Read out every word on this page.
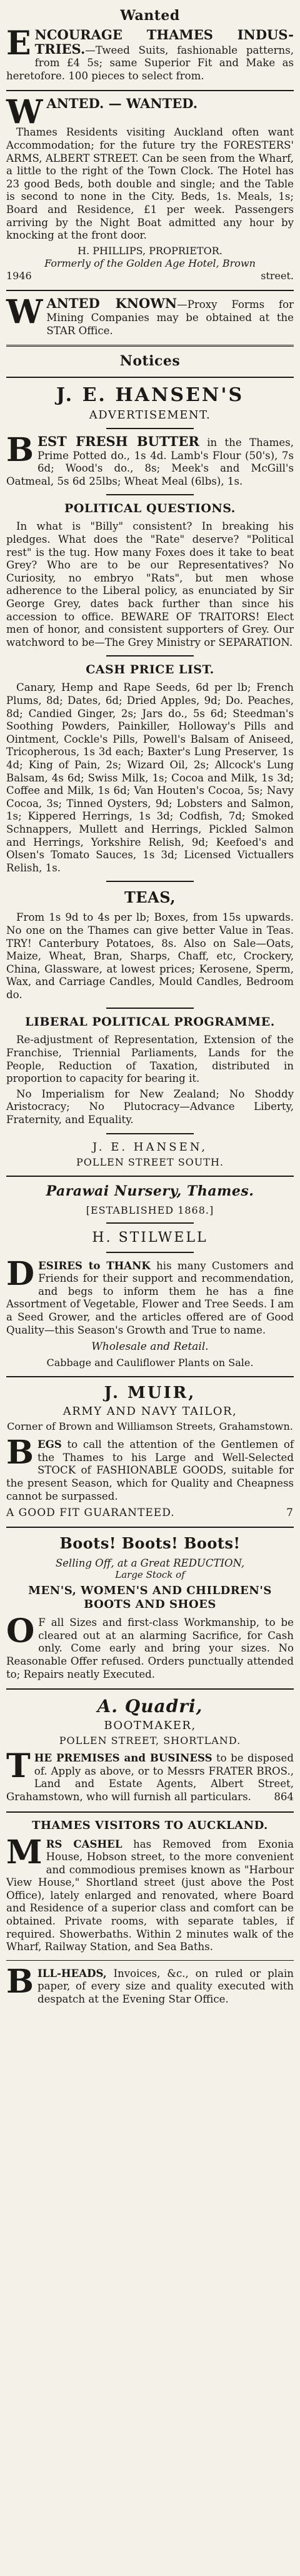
Wanted
E NCOURAGE THAMES INDUS-TRIES.—Tweed Suits, fashionable patterns, from £4 5s; same Superior Fit and Make as heretofore. 100 pieces to select from.
W ANTED. — WANTED.
Thames Residents visiting Auckland often want Accommodation; for the future try the FORESTERS' ARMS, ALBERT STREET. Can be seen from the Wharf, a little to the right of the Town Clock. The Hotel has 23 good Beds, both double and single; and the Table is second to none in the City. Beds, 1s. Meals, 1s; Board and Residence, £1 per week. Passengers arriving by the Night Boat admitted any hour by knocking at the front door.
H. PHILLIPS, PROPRIETOR.
Formerly of the Golden Age Hotel, Brown
1946	street.
W ANTED KNOWN—Proxy Forms for Mining Companies may be obtained at the STAR Office.
Notices
J. E. HANSEN'S
ADVERTISEMENT.
B EST FRESH BUTTER in the Thames, Prime Potted do., 1s 4d. Lamb's Flour (50's), 7s 6d; Wood's do., 8s; Meek's and McGill's Oatmeal, 5s 6d 25lbs; Wheat Meal (6lbs), 1s.
POLITICAL QUESTIONS.
In what is "Billy" consistent? In breaking his pledges. What does the "Rate" deserve? "Political rest" is the tug. How many Foxes does it take to beat Grey? Who are to be our Representatives? No Curiosity, no embryo "Rats", but men whose adherence to the Liberal policy, as enunciated by Sir George Grey, dates back further than since his accession to office. BEWARE OF TRAITORS! Elect men of honor, and consistent supporters of Grey. Our watchword to be—The Grey Ministry or SEPARATION.
CASH PRICE LIST.
Canary, Hemp and Rape Seeds, 6d per lb; French Plums, 8d; Dates, 6d; Dried Apples, 9d; Do. Peaches, 8d; Candied Ginger, 2s; Jars do., 5s 6d; Steedman's Soothing Powders, Painkiller, Holloway's Pills and Ointment, Cockle's Pills, Powell's Balsam of Aniseed, Tricopherous, 1s 3d each; Baxter's Lung Preserver, 1s 4d; King of Pain, 2s; Wizard Oil, 2s; Allcock's Lung Balsam, 4s 6d; Swiss Milk, 1s; Cocoa and Milk, 1s 3d; Coffee and Milk, 1s 6d; Van Houten's Cocoa, 5s; Navy Cocoa, 3s; Tinned Oysters, 9d; Lobsters and Salmon, 1s; Kippered Herrings, 1s 3d; Codfish, 7d; Smoked Schnappers, Mullett and Herrings, Pickled Salmon and Herrings, Yorkshire Relish, 9d; Keefoed's and Olsen's Tomato Sauces, 1s 3d; Licensed Victuallers Relish, 1s.
TEAS,
From 1s 9d to 4s per lb; Boxes, from 15s upwards. No one on the Thames can give better Value in Teas. TRY! Canterbury Potatoes, 8s. Also on Sale—Oats, Maize, Wheat, Bran, Sharps, Chaff, etc, Crockery, China, Glassware, at lowest prices; Kerosene, Sperm, Wax, and Carriage Candles, Mould Candles, Bedroom do.
LIBERAL POLITICAL PROGRAMME.
Re-adjustment of Representation, Extension of the Franchise, Triennial Parliaments, Lands for the People, Reduction of Taxation, distributed in proportion to capacity for bearing it.
No Imperialism for New Zealand; No Shoddy Aristocracy; No Plutocracy—Advance Liberty, Fraternity, and Equality.
J. E. HANSEN,
POLLEN STREET SOUTH.
Parawai Nursery, Thames.
[ESTABLISHED 1868.]
H. STILWELL
D ESIRES to THANK his many Customers and Friends for their support and recommendation, and begs to inform them he has a fine Assortment of Vegetable, Flower and Tree Seeds. I am a Seed Grower, and the articles offered are of Good Quality—this Season's Growth and True to name.
Wholesale and Retail.
Cabbage and Cauliflower Plants on Sale.
J. MUIR,
ARMY AND NAVY TAILOR,
Corner of Brown and Williamson Streets, Grahamstown.
B EGS to call the attention of the Gentlemen of the Thames to his Large and Well-Selected STOCK of FASHIONABLE GOODS, suitable for the present Season, which for Quality and Cheapness cannot be surpassed.
A GOOD FIT GUARANTEED.	7
Boots! Boots! Boots!
Selling Off, at a Great REDUCTION,
Large Stock of
MEN'S, WOMEN'S AND CHILDREN'S BOOTS AND SHOES
O F all Sizes and first-class Workmanship, to be cleared out at an alarming Sacrifice, for Cash only. Come early and bring your sizes. No Reasonable Offer refused. Orders punctually attended to; Repairs neatly Executed.
A. Quadri,
BOOTMAKER,
POLLEN STREET, SHORTLAND.
T HE PREMISES and BUSINESS to be disposed of. Apply as above, or to Messrs FRATER BROS., Land and Estate Agents, Albert Street, Grahamstown, who will furnish all particulars. 864
THAMES VISITORS TO AUCKLAND.
M RS CASHEL has Removed from Exonia House, Hobson street, to the more convenient and commodious premises known as "Harbour View House," Shortland street (just above the Post Office), lately enlarged and renovated, where Board and Residence of a superior class and comfort can be obtained. Private rooms, with separate tables, if required. Showerbaths. Within 2 minutes walk of the Wharf, Railway Station, and Sea Baths.
B ILL-HEADS, Invoices, &c., on ruled or plain paper, of every size and quality executed with despatch at the Evening Star Office.
